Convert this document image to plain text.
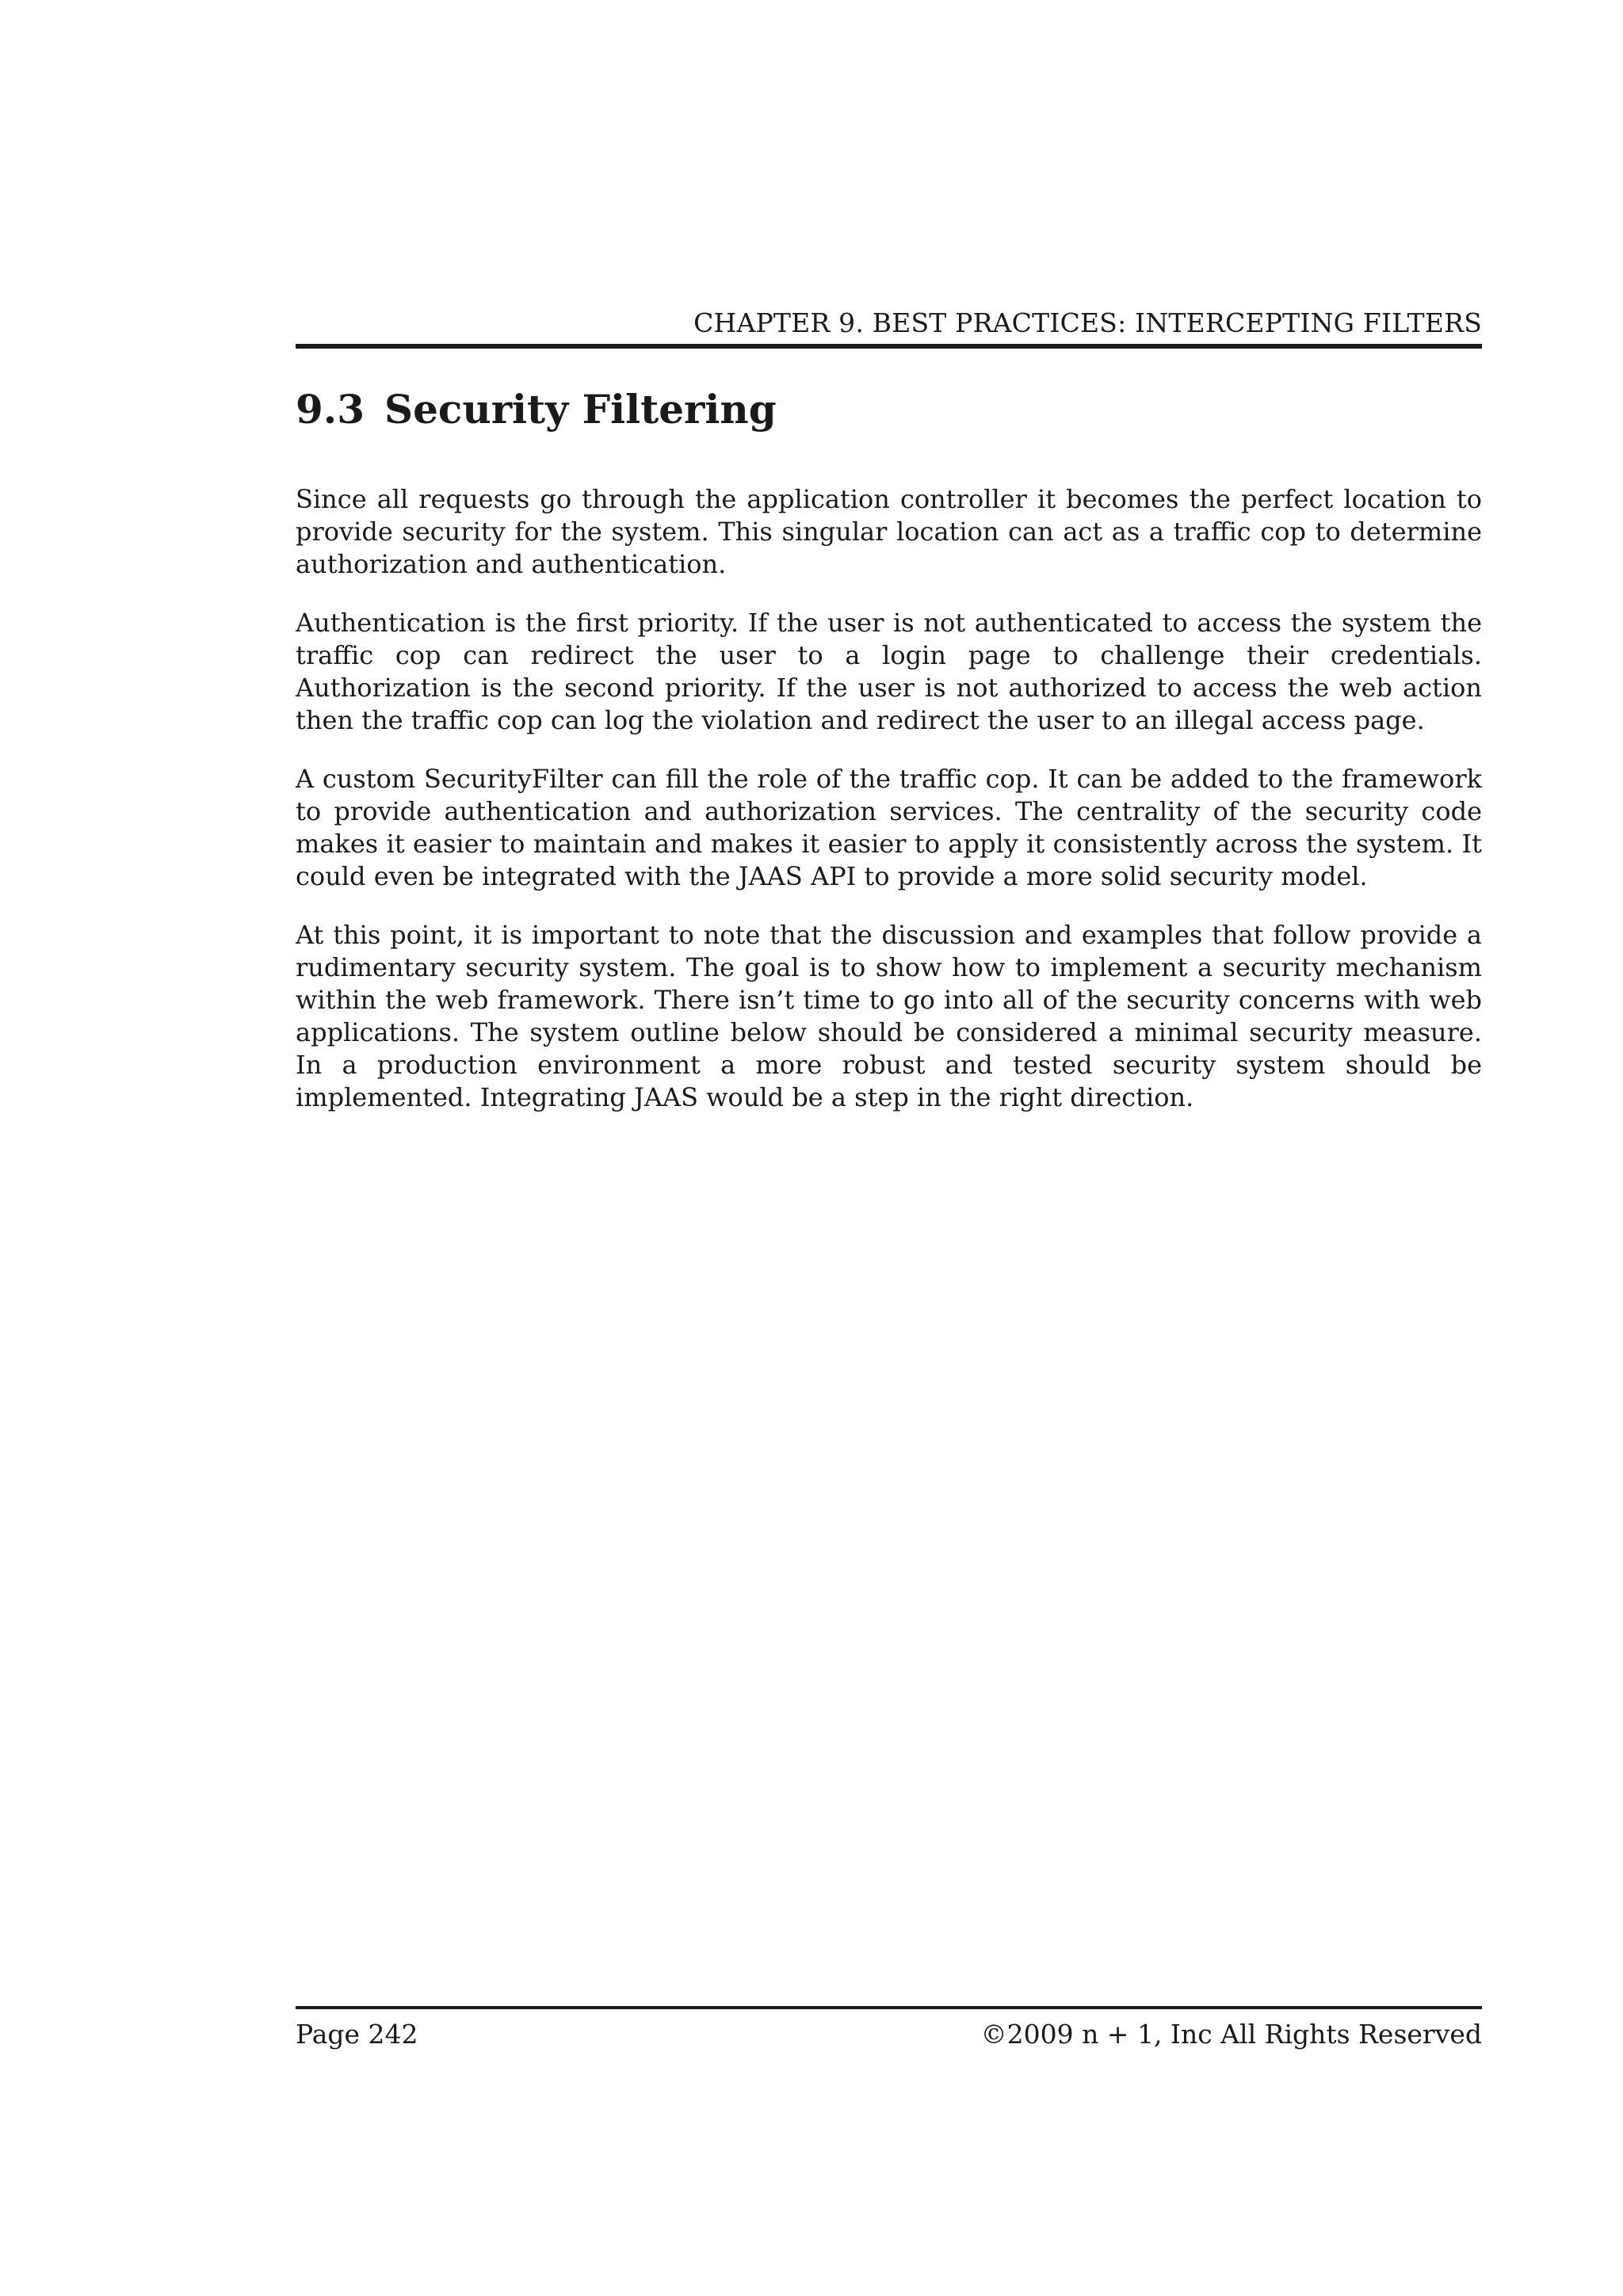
CHAPTER 9. BEST PRACTICES: INTERCEPTING FILTERS
9.3 Security Filtering

Since all requests go through the application controller it becomes the perfect location to provide security for the system. This singular location can act as a traffic cop to determine authorization and authentication.

Authentication is the first priority. If the user is not authenticated to access the system the traffic cop can redirect the user to a login page to challenge their credentials. Authorization is the second priority. If the user is not authorized to access the web action then the traffic cop can log the violation and redirect the user to an illegal access page.

A custom SecurityFilter can fill the role of the traffic cop. It can be added to the framework to provide authentication and authorization services. The centrality of the security code makes it easier to maintain and makes it easier to apply it consistently across the system. It could even be integrated with the JAAS API to provide a more solid security model.

At this point, it is important to note that the discussion and examples that follow provide a rudimentary security system. The goal is to show how to implement a security mechanism within the web framework. There isn’t time to go into all of the security concerns with web applications. The system outline below should be considered a minimal security measure. In a production environment a more robust and tested security system should be implemented. Integrating JAAS would be a step in the right direction.

Page 242	©2009 n + 1, Inc All Rights Reserved
